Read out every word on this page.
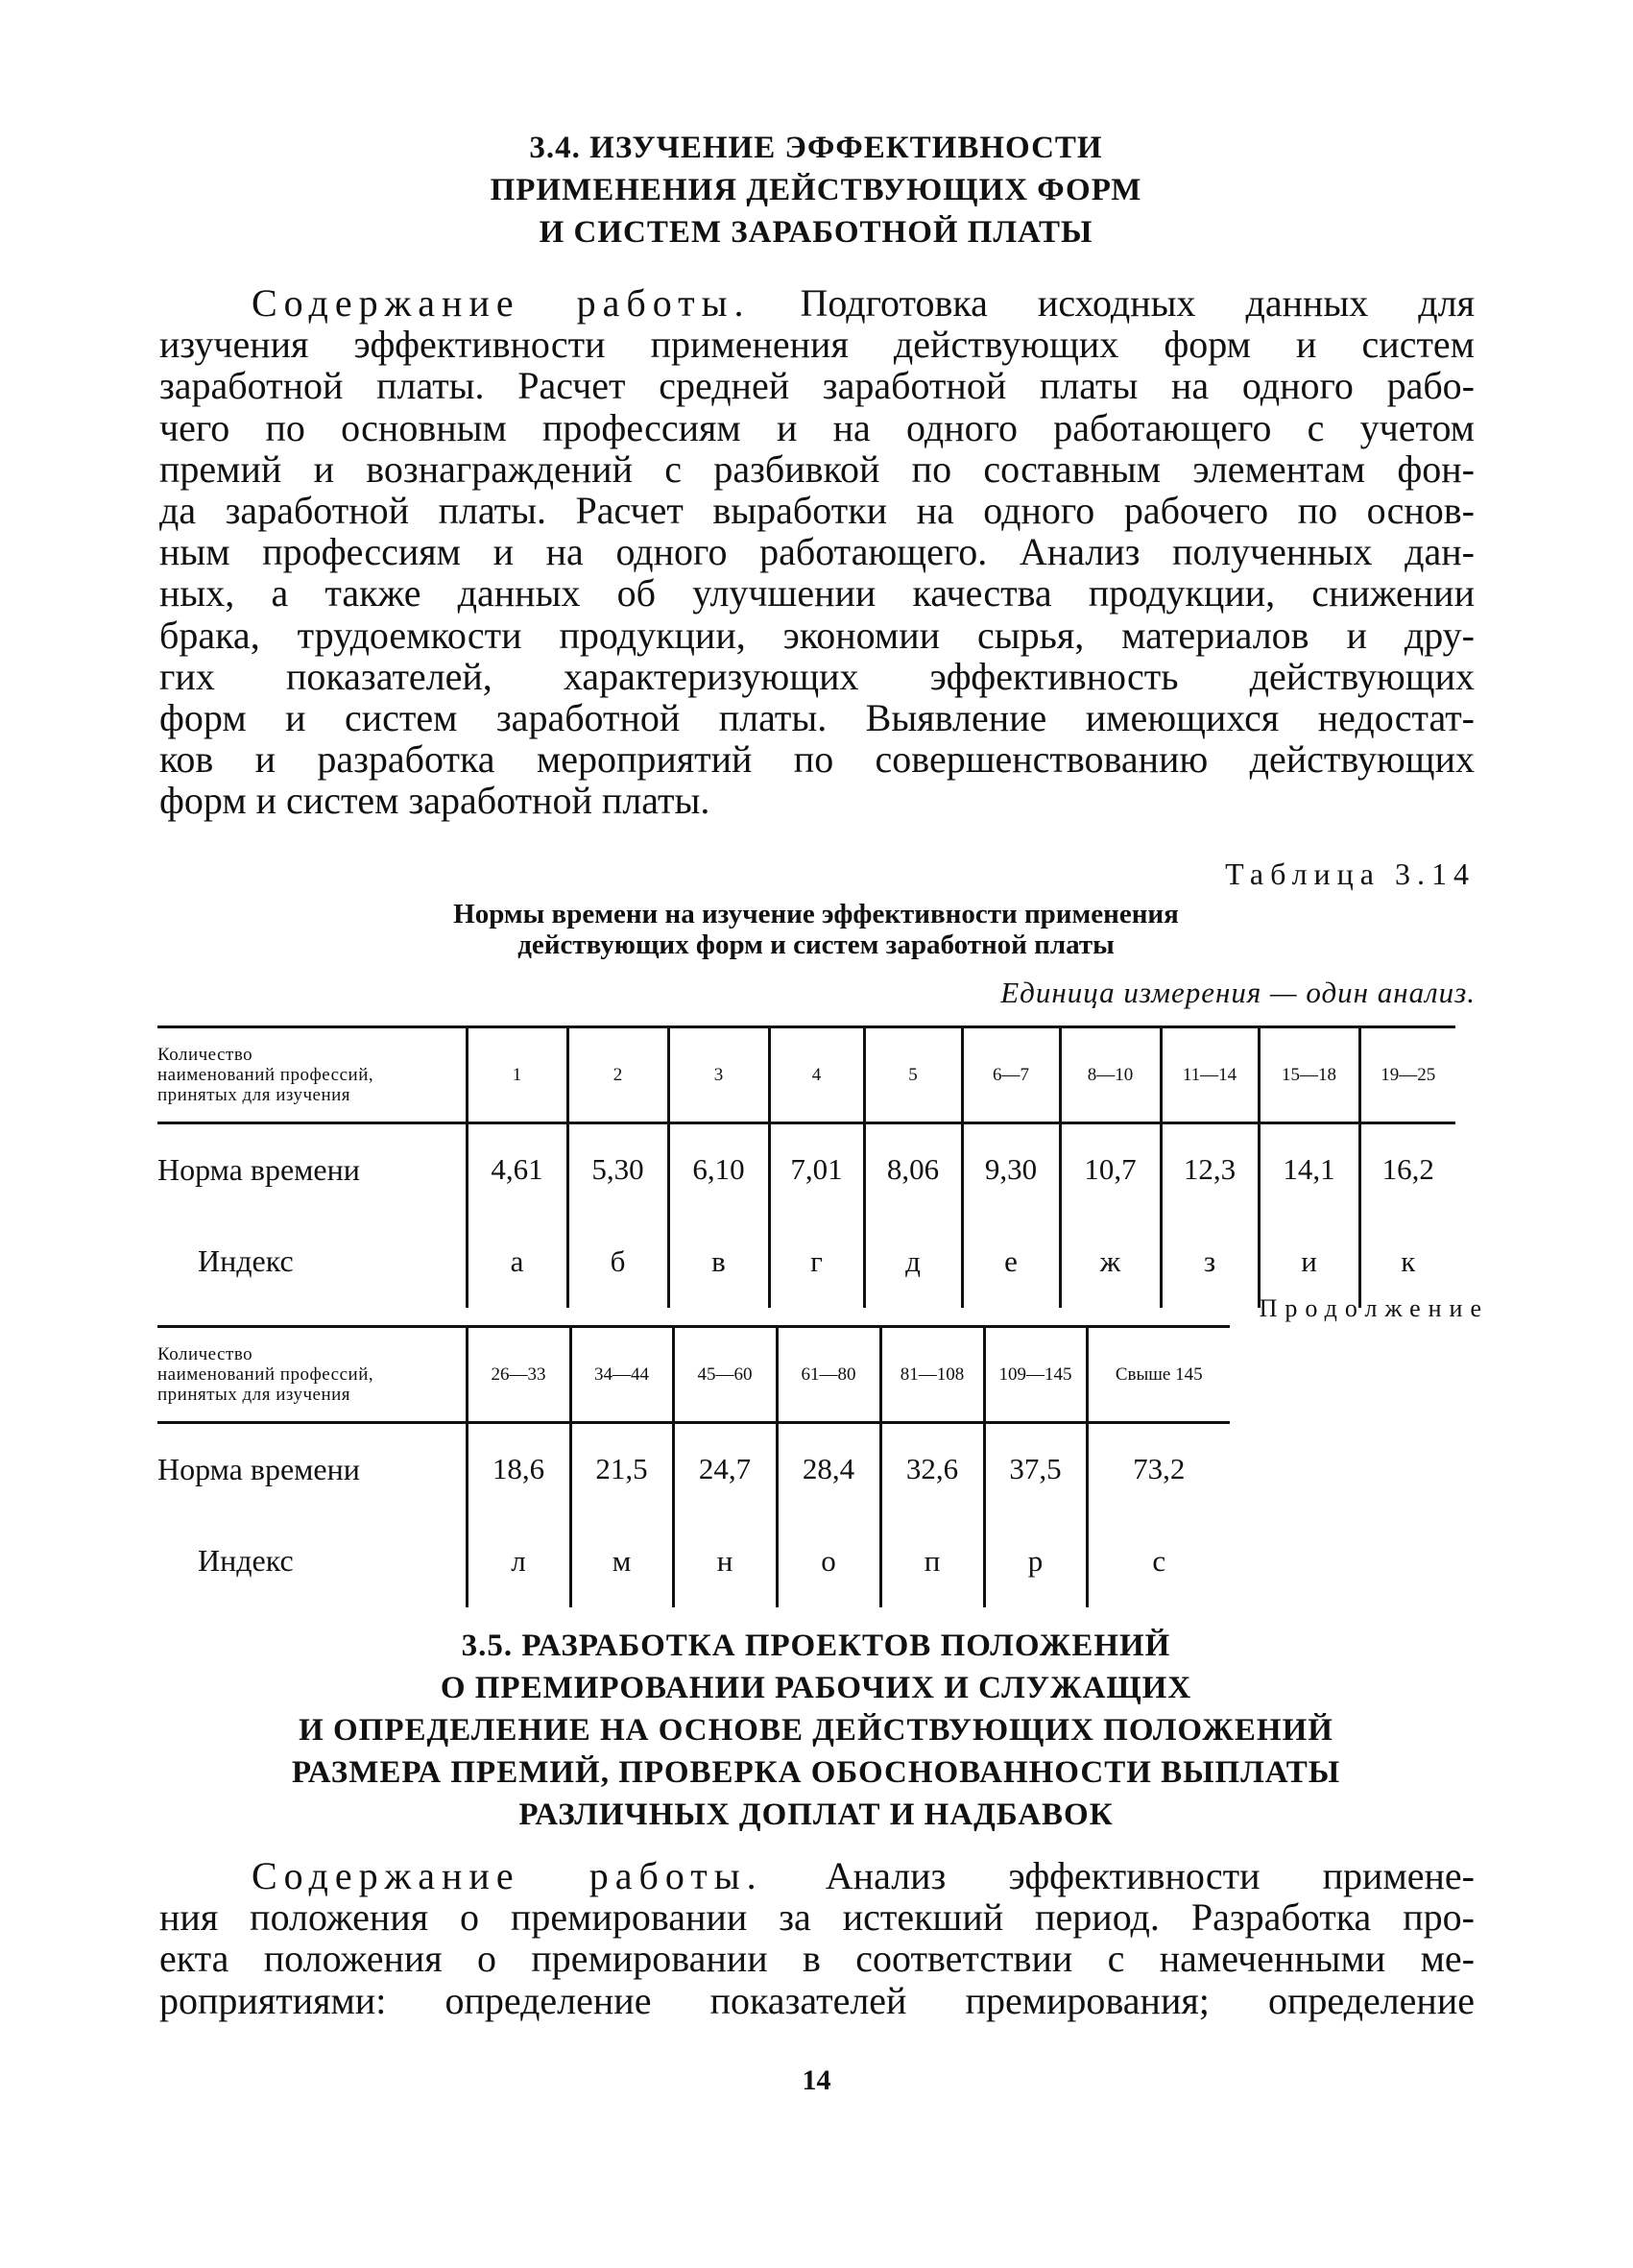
3.4. ИЗУЧЕНИЕ ЭФФЕКТИВНОСТИ
ПРИМЕНЕНИЯ ДЕЙСТВУЮЩИХ ФОРМ
И СИСТЕМ ЗАРАБОТНОЙ ПЛАТЫ
Содержание работы. Подготовка исходных данных для
изучения эффективности применения действующих форм и систем
заработной платы. Расчет средней заработной платы на одного рабо-
чего по основным профессиям и на одного работающего с учетом
премий и вознаграждений с разбивкой по составным элементам фон-
да заработной платы. Расчет выработки на одного рабочего по основ-
ным профессиям и на одного работающего. Анализ полученных дан-
ных, а также данных об улучшении качества продукции, снижении
брака, трудоемкости продукции, экономии сырья, материалов и дру-
гих показателей, характеризующих эффективность действующих
форм и систем заработной платы. Выявление имеющихся недостат-
ков и разработка мероприятий по совершенствованию действующих
форм и систем заработной платы.
Таблица 3.14
Нормы времени на изучение эффективности применения
действующих форм и систем заработной платы
Единица измерения — один анализ.
Количество
наименований профессий,
принятых для изучения	1	2	3	4	5	6—7	8—10	11—14	15—18	19—25
Норма времени	4,61	5,30	6,10	7,01	8,06	9,30	10,7	12,3	14,1	16,2
Индекс	а	б	в	г	д	е	ж	з	и	к
Количество
наименований профессий,
принятых для изучения	26—33	34—44	45—60	61—80	81—108	109—145	Свыше 145
Норма времени	18,6	21,5	24,7	28,4	32,6	37,5	73,2
Индекс	л	м	н	о	п	р	с
Продолжение
3.5. РАЗРАБОТКА ПРОЕКТОВ ПОЛОЖЕНИЙ
О ПРЕМИРОВАНИИ РАБОЧИХ И СЛУЖАЩИХ
И ОПРЕДЕЛЕНИЕ НА ОСНОВЕ ДЕЙСТВУЮЩИХ ПОЛОЖЕНИЙ
РАЗМЕРА ПРЕМИЙ, ПРОВЕРКА ОБОСНОВАННОСТИ ВЫПЛАТЫ
РАЗЛИЧНЫХ ДОПЛАТ И НАДБАВОК
Содержание работы. Анализ эффективности примене-
ния положения о премировании за истекший период. Разработка про-
екта положения о премировании в соответствии с намеченными ме-
роприятиями: определение показателей премирования; определение
14
